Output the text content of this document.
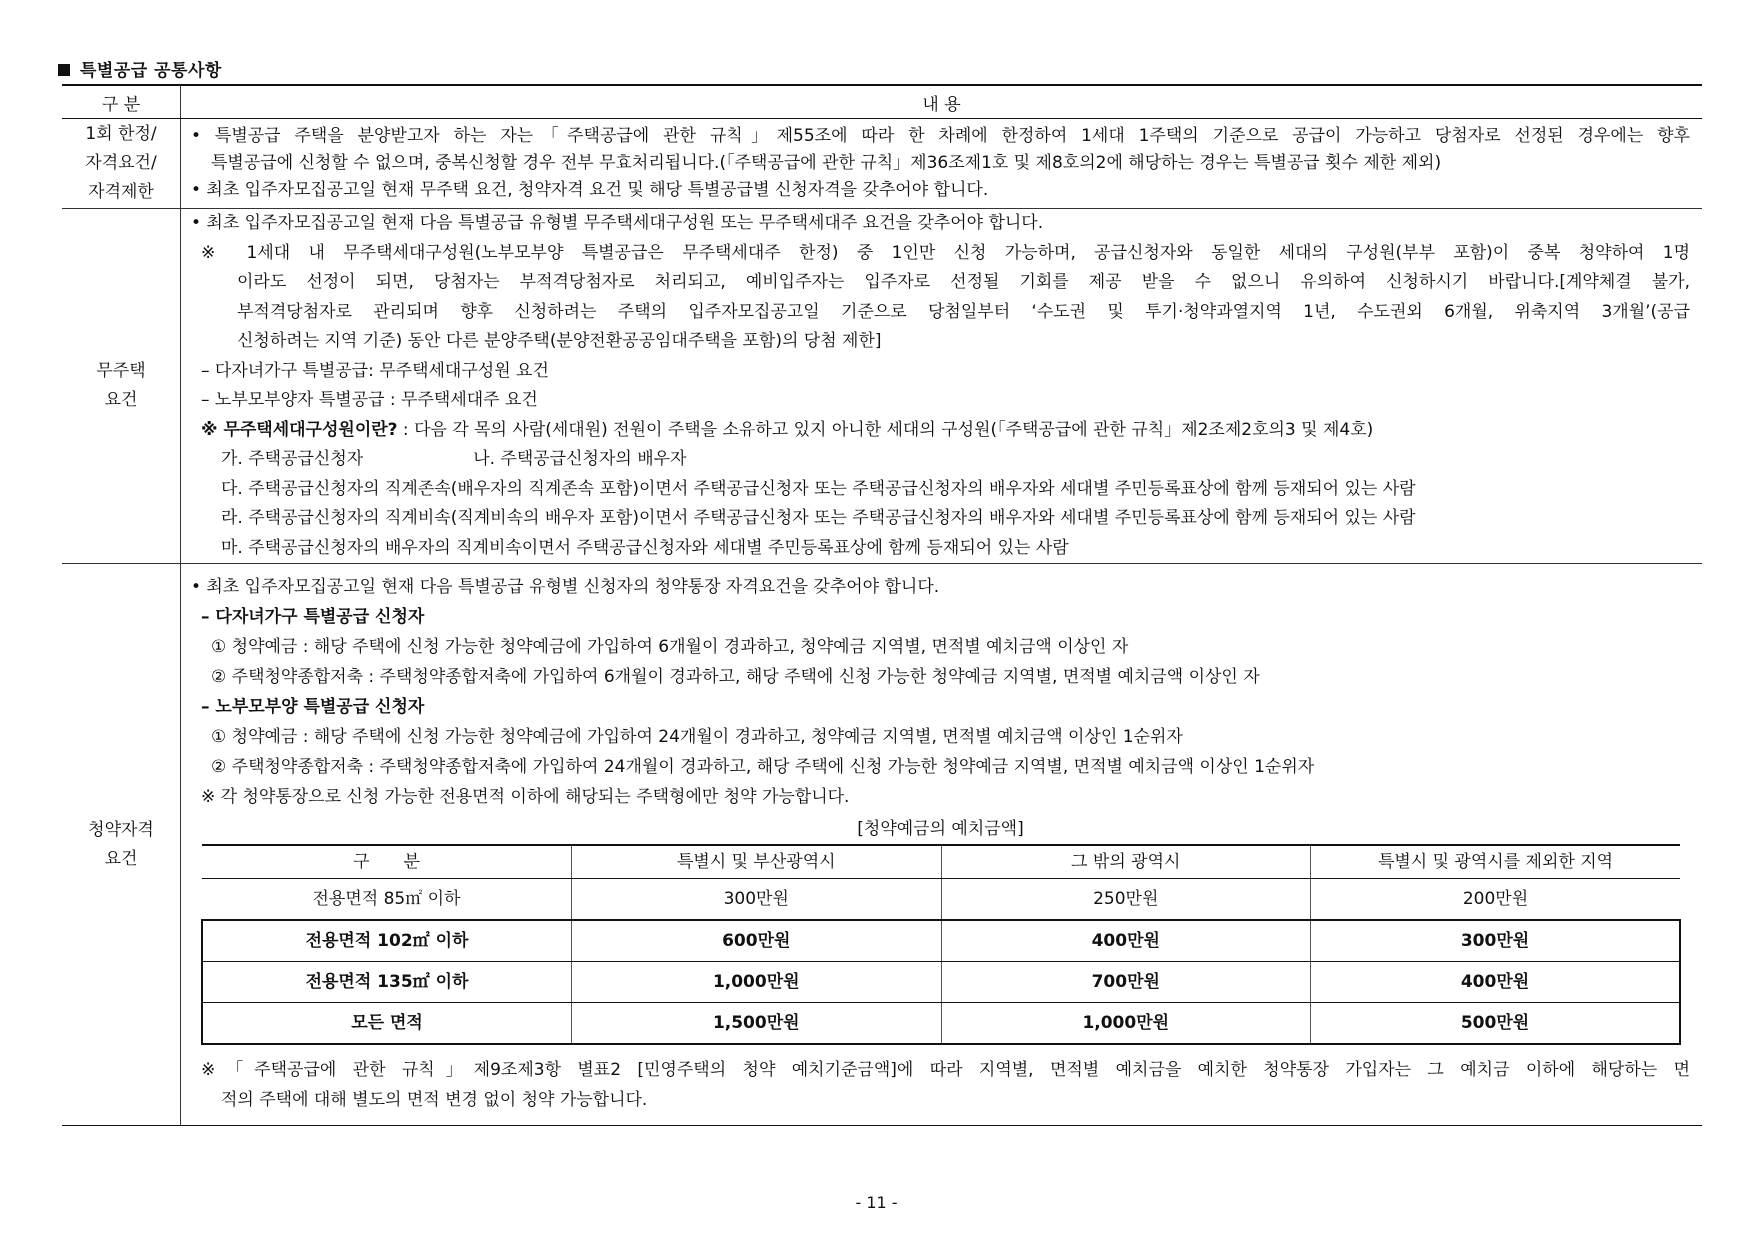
특별공급 공통사항
구 분	내 용

1회 한정/
자격요건/
자격제한

• 특별공급 주택을 분양받고자 하는 자는「주택공급에 관한 규칙」제55조에 따라 한 차례에 한정하여 1세대 1주택의 기준으로 공급이 가능하고 당첨자로 선정된 경우에는 향후
특별공급에 신청할 수 없으며, 중복신청할 경우 전부 무효처리됩니다.(「주택공급에 관한 규칙」제36조제1호 및 제8호의2에 해당하는 경우는 특별공급 횟수 제한 제외)
• 최초 입주자모집공고일 현재 무주택 요건, 청약자격 요건 및 해당 특별공급별 신청자격을 갖추어야 합니다.

무주택
요건

• 최초 입주자모집공고일 현재 다음 특별공급 유형별 무주택세대구성원 또는 무주택세대주 요건을 갖추어야 합니다.
※ 1세대 내 무주택세대구성원(노부모부양 특별공급은 무주택세대주 한정) 중 1인만 신청 가능하며, 공급신청자와 동일한 세대의 구성원(부부 포함)이 중복 청약하여 1명
이라도 선정이 되면, 당첨자는 부적격당첨자로 처리되고, 예비입주자는 입주자로 선정될 기회를 제공 받을 수 없으니 유의하여 신청하시기 바랍니다.[계약체결 불가,
부적격당첨자로 관리되며 향후 신청하려는 주택의 입주자모집공고일 기준으로 당첨일부터 ‘수도권 및 투기·청약과열지역 1년, 수도권외 6개월, 위축지역 3개월’(공급
신청하려는 지역 기준) 동안 다른 분양주택(분양전환공공임대주택을 포함)의 당첨 제한]
– 다자녀가구 특별공급: 무주택세대구성원 요건
– 노부모부양자 특별공급 : 무주택세대주 요건
※ 무주택세대구성원이란? : 다음 각 목의 사람(세대원) 전원이 주택을 소유하고 있지 아니한 세대의 구성원(「주택공급에 관한 규칙」제2조제2호의3 및 제4호)
가. 주택공급신청자	나. 주택공급신청자의 배우자
다. 주택공급신청자의 직계존속(배우자의 직계존속 포함)이면서 주택공급신청자 또는 주택공급신청자의 배우자와 세대별 주민등록표상에 함께 등재되어 있는 사람
라. 주택공급신청자의 직계비속(직계비속의 배우자 포함)이면서 주택공급신청자 또는 주택공급신청자의 배우자와 세대별 주민등록표상에 함께 등재되어 있는 사람
마. 주택공급신청자의 배우자의 직계비속이면서 주택공급신청자와 세대별 주민등록표상에 함께 등재되어 있는 사람

청약자격
요건

• 최초 입주자모집공고일 현재 다음 특별공급 유형별 신청자의 청약통장 자격요건을 갖추어야 합니다.
– 다자녀가구 특별공급 신청자
① 청약예금 : 해당 주택에 신청 가능한 청약예금에 가입하여 6개월이 경과하고, 청약예금 지역별, 면적별 예치금액 이상인 자
② 주택청약종합저축 : 주택청약종합저축에 가입하여 6개월이 경과하고, 해당 주택에 신청 가능한 청약예금 지역별, 면적별 예치금액 이상인 자
– 노부모부양 특별공급 신청자
① 청약예금 : 해당 주택에 신청 가능한 청약예금에 가입하여 24개월이 경과하고, 청약예금 지역별, 면적별 예치금액 이상인 1순위자
② 주택청약종합저축 : 주택청약종합저축에 가입하여 24개월이 경과하고, 해당 주택에 신청 가능한 청약예금 지역별, 면적별 예치금액 이상인 1순위자
※ 각 청약통장으로 신청 가능한 전용면적 이하에 해당되는 주택형에만 청약 가능합니다.
[청약예금의 예치금액]
구　　분	특별시 및 부산광역시	그 밖의 광역시	특별시 및 광역시를 제외한 지역
전용면적 85㎡ 이하	300만원	250만원	200만원
전용면적 102㎡ 이하	600만원	400만원	300만원
전용면적 135㎡ 이하	1,000만원	700만원	400만원
모든 면적	1,500만원	1,000만원	500만원
※「주택공급에 관한 규칙」제9조제3항 별표2 [민영주택의 청약 예치기준금액]에 따라 지역별, 면적별 예치금을 예치한 청약통장 가입자는 그 예치금 이하에 해당하는 면
적의 주택에 대해 별도의 면적 변경 없이 청약 가능합니다.
- 11 -
